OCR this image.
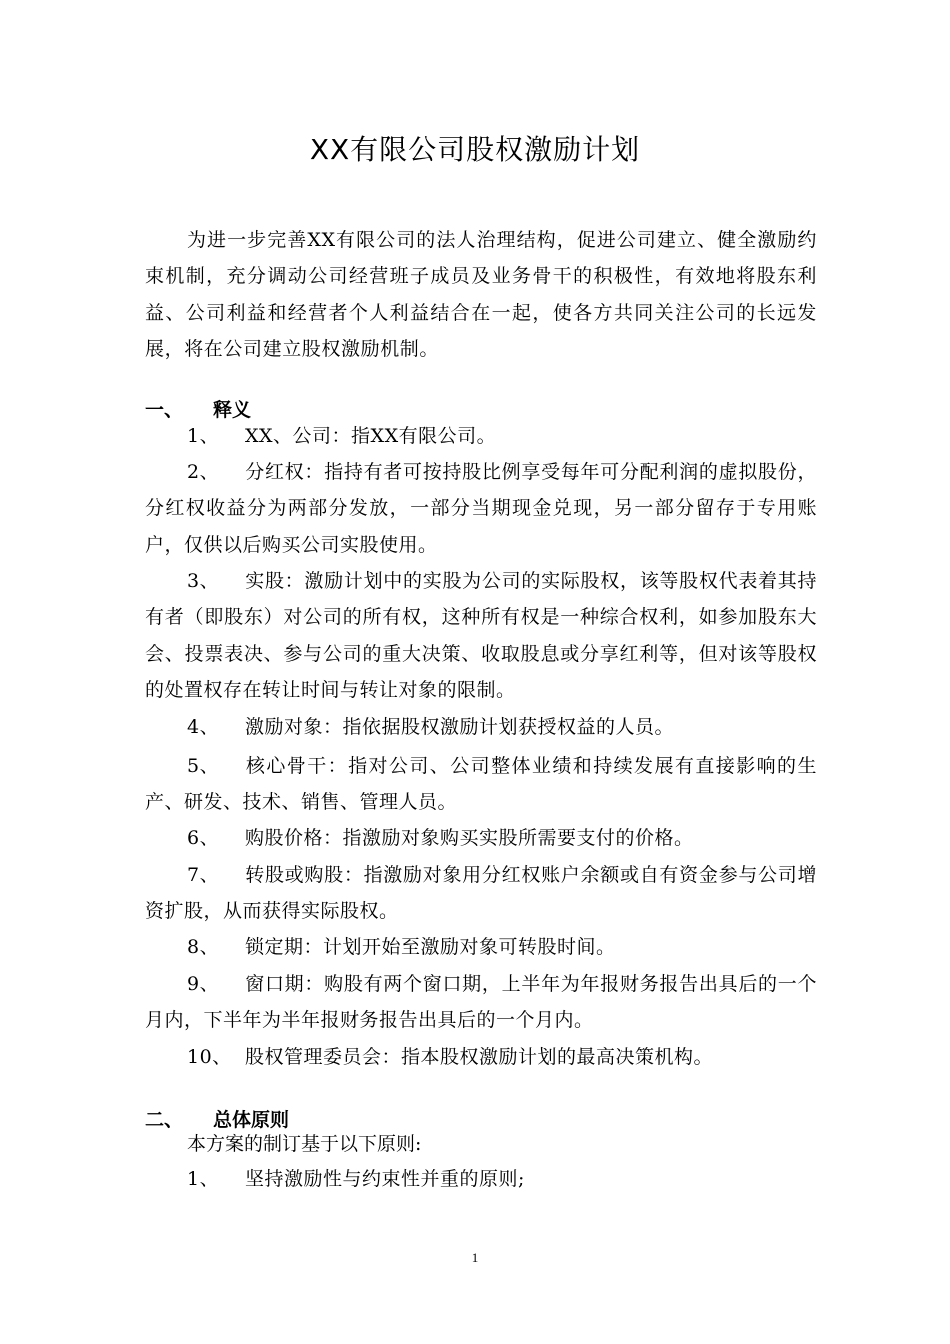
XX有限公司股权激励计划

为进一步完善XX有限公司的法人治理结构，促进公司建立、健全激励约束机制，充分调动公司经营班子成员及业务骨干的积极性，有效地将股东利益、公司利益和经营者个人利益结合在一起，使各方共同关注公司的长远发展，将在公司建立股权激励机制。

一、 释义

1、 XX、公司：指XX有限公司。

2、 分红权：指持有者可按持股比例享受每年可分配利润的虚拟股份，分红权收益分为两部分发放，一部分当期现金兑现，另一部分留存于专用账户，仅供以后购买公司实股使用。

3、 实股：激励计划中的实股为公司的实际股权，该等股权代表着其持有者（即股东）对公司的所有权，这种所有权是一种综合权利，如参加股东大会、投票表决、参与公司的重大决策、收取股息或分享红利等，但对该等股权的处置权存在转让时间与转让对象的限制。

4、 激励对象：指依据股权激励计划获授权益的人员。

5、 核心骨干：指对公司、公司整体业绩和持续发展有直接影响的生产、研发、技术、销售、管理人员。

6、 购股价格：指激励对象购买实股所需要支付的价格。

7、 转股或购股：指激励对象用分红权账户余额或自有资金参与公司增资扩股，从而获得实际股权。

8、 锁定期：计划开始至激励对象可转股时间。

9、 窗口期：购股有两个窗口期，上半年为年报财务报告出具后的一个月内，下半年为半年报财务报告出具后的一个月内。

10、 股权管理委员会：指本股权激励计划的最高决策机构。

二、 总体原则
本方案的制订基于以下原则:

1、 坚持激励性与约束性并重的原则;

1
